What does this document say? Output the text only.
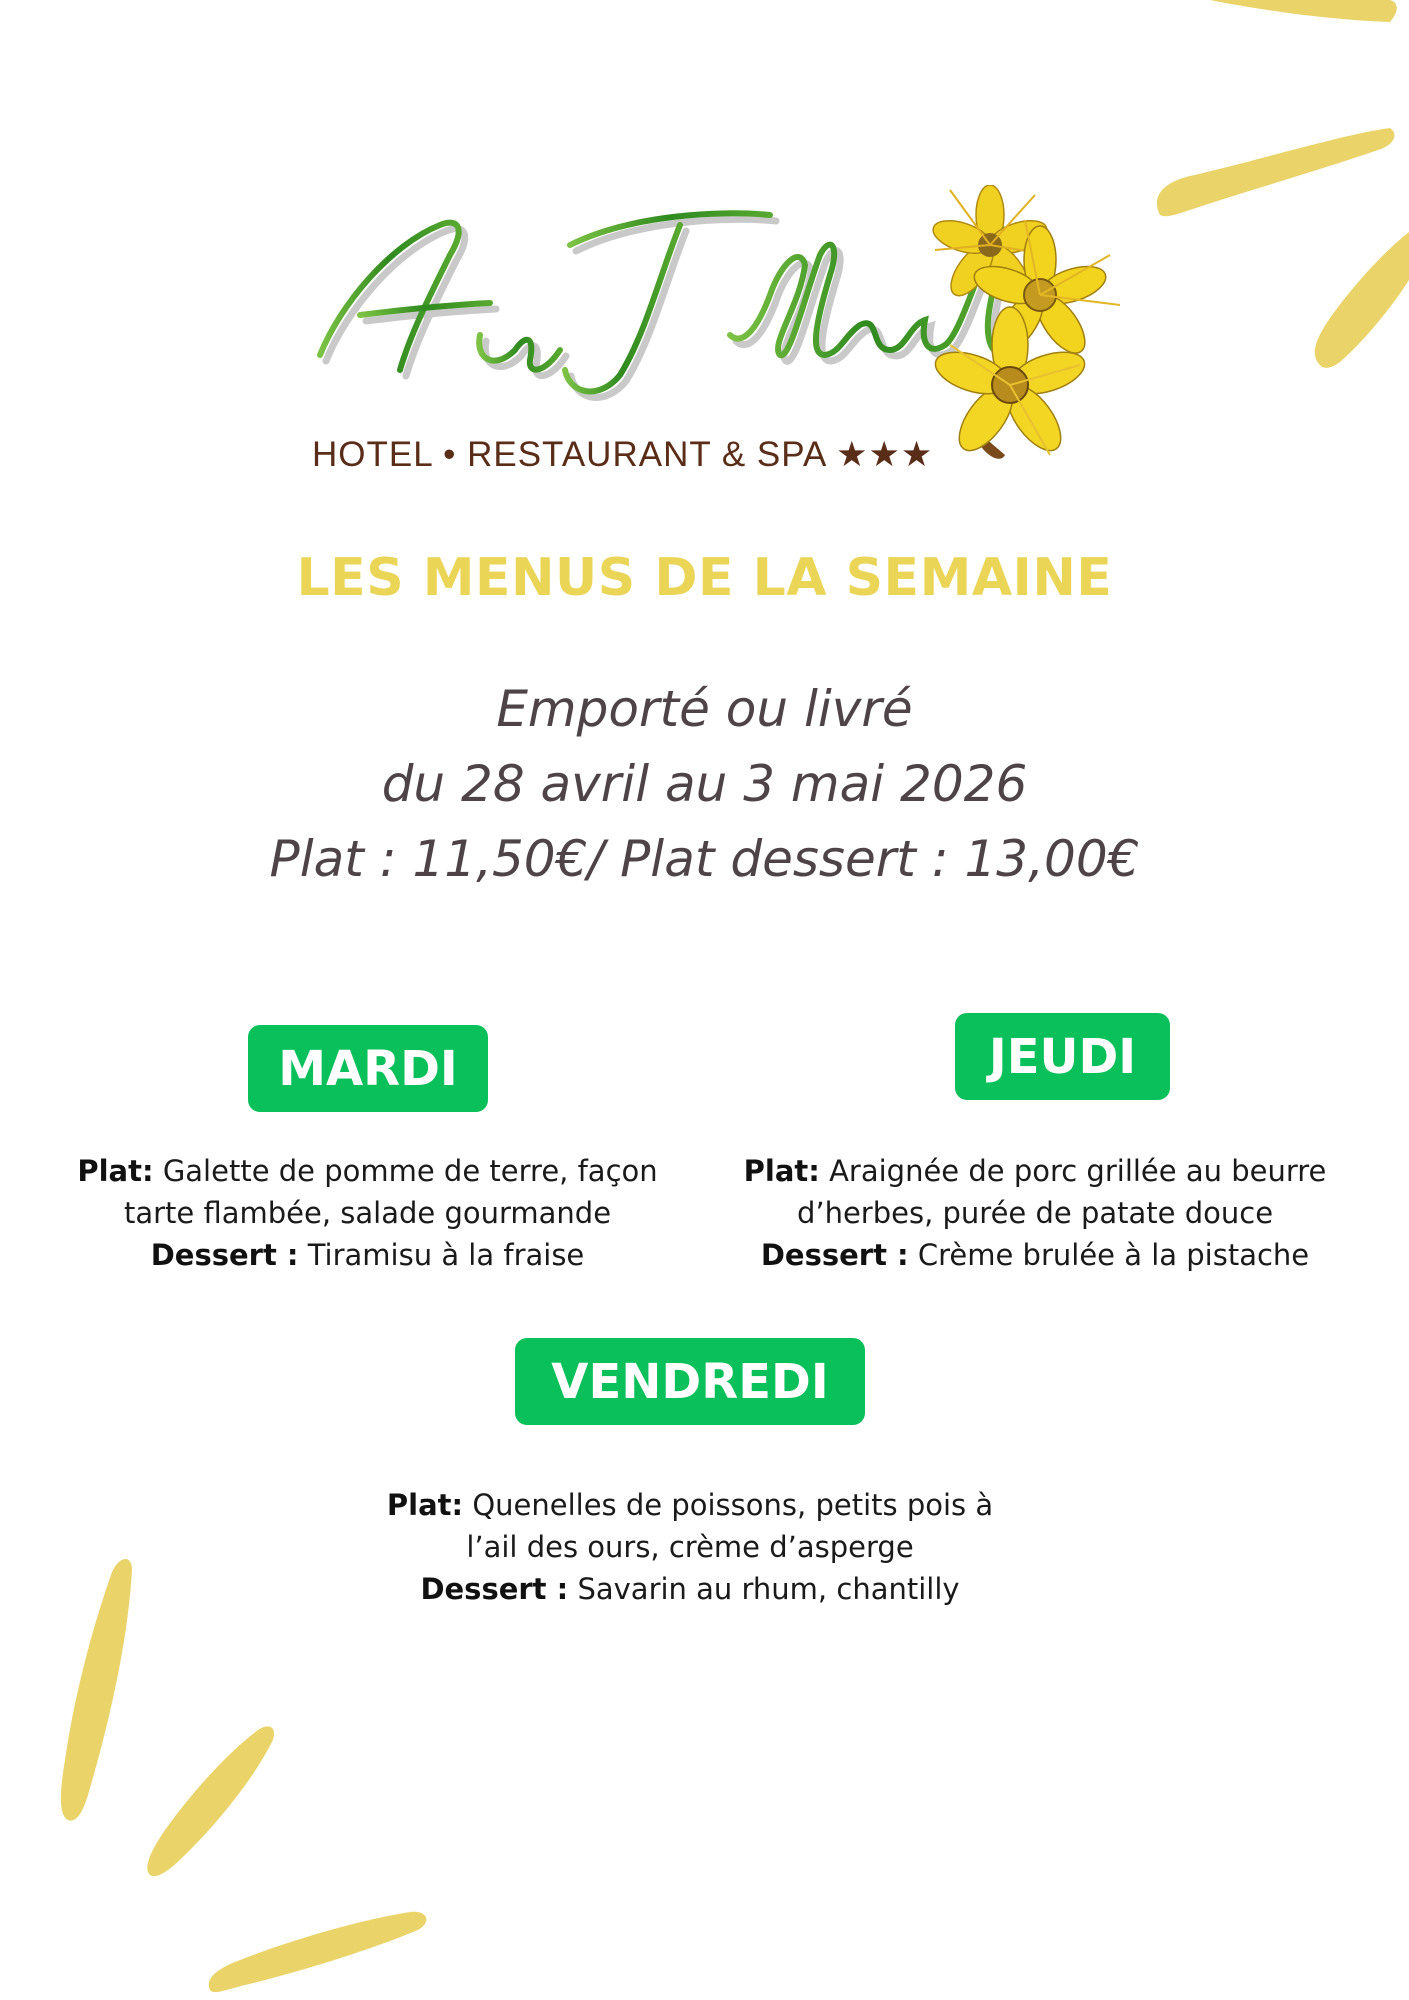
HOTEL • RESTAURANT & SPA ★★★
LES MENUS DE LA SEMAINE
Emporté ou livré
du 28 avril au 3 mai 2026
Plat : 11,50€/ Plat dessert : 13,00€
MARDI
Plat: Galette de pomme de terre, façon
tarte flambée, salade gourmande
Dessert : Tiramisu à la fraise
JEUDI
Plat: Araignée de porc grillée au beurre
d’herbes, purée de patate douce
Dessert : Crème brulée à la pistache
VENDREDI
Plat: Quenelles de poissons, petits pois à
l’ail des ours, crème d’asperge
Dessert : Savarin au rhum, chantilly
